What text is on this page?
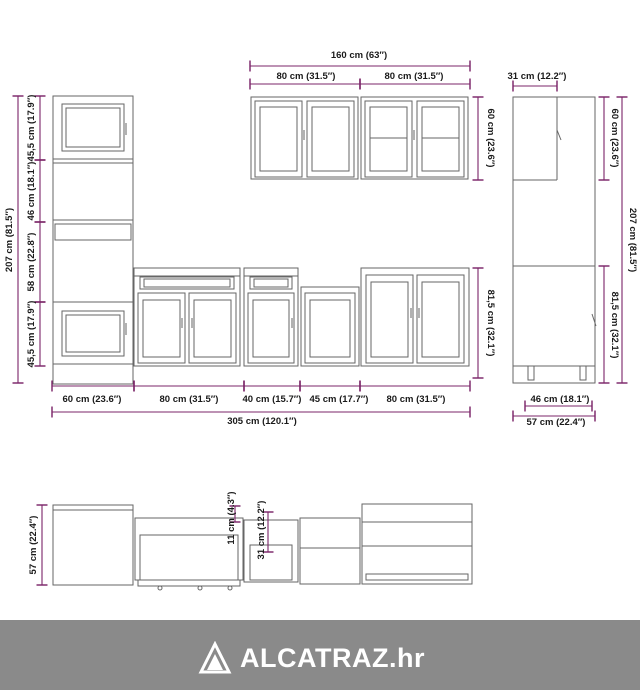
160 cm (63″)
80 cm (31.5″)	80 cm (31.5″)
60 cm (23.6″)
31 cm (12.2″)
60 cm (23.6″)
207 cm (81.5″)
81,5 cm (32.1″)
46 cm (18.1″)
57 cm (22.4″)
207 cm (81.5″)
45,5 cm (17.9″)
46 cm (18.1″)
58 cm (22.8″)
45,5 cm (17.9″)	81,5 cm (32.1″)
60 cm (23.6″)	80 cm (31.5″)	40 cm (15.7″) 45 cm (17.7″) 80 cm (31.5″)
305 cm (120.1″)
57 cm (22.4″)	11 cm (4.3″) 31 cm (12.2″)
ALCATRAZ.hr
